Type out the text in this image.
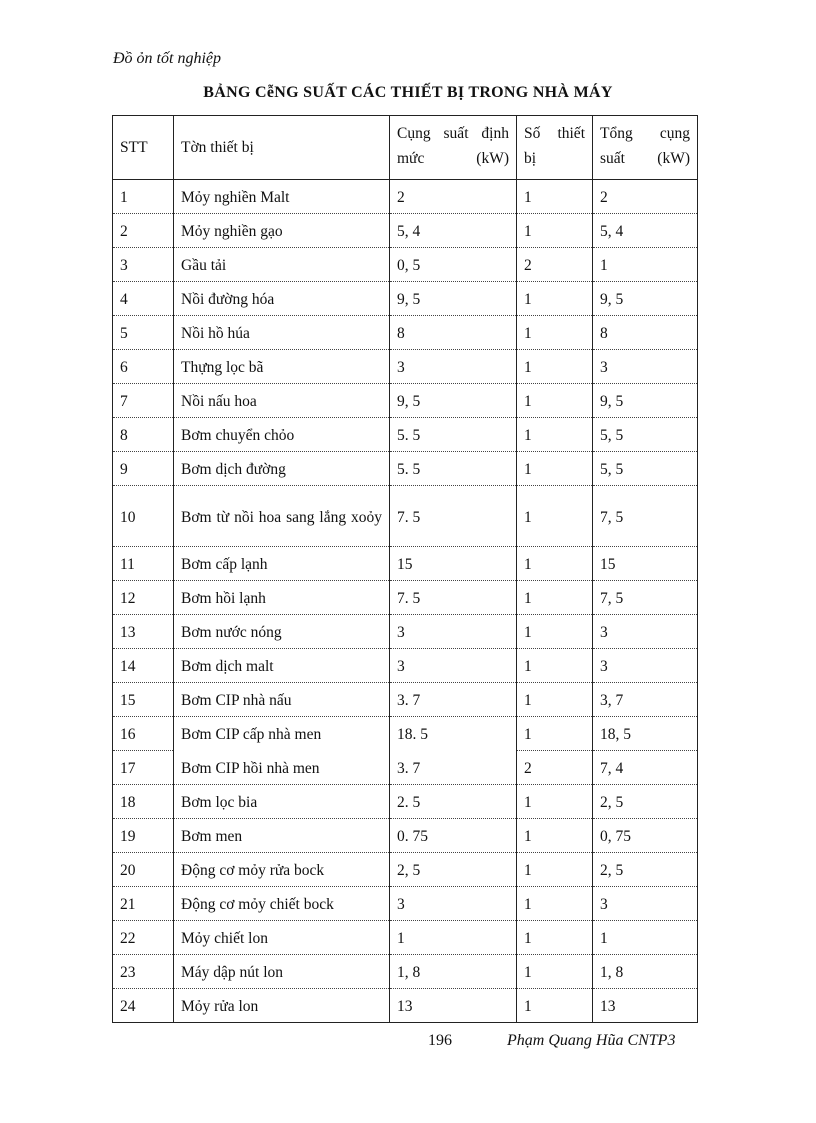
Đồ ỏn tốt nghiệp
BẢNG CễNG SUẤT CÁC THIẾT BỊ TRONG NHÀ MÁY
STT	Tờn thiết bị	Cụng suất định mức (kW)	Số thiết bị	Tổng cụng suất (kW)
1	Mỏy nghiền Malt	2	1	2
2	Mỏy nghiền gạo	5, 4	1	5, 4
3	Gầu tải	0, 5	2	1
4	Nồi đường hóa	9, 5	1	9, 5
5	Nồi hồ húa	8	1	8
6	Thựng lọc bã	3	1	3
7	Nồi nấu hoa	9, 5	1	9, 5
8	Bơm chuyển chỏo	5. 5	1	5, 5
9	Bơm dịch đường	5. 5	1	5, 5
10	Bơm từ nồi hoa sang lắng xoỏy	7. 5	1	7, 5
11	Bơm cấp lạnh	15	1	15
12	Bơm hồi lạnh	7. 5	1	7, 5
13	Bơm nước nóng	3	1	3
14	Bơm dịch malt	3	1	3
15	Bơm CIP nhà nấu	3. 7	1	3, 7
16	Bơm CIP cấp nhà men	18. 5	1	18, 5
17	Bơm CIP hồi nhà men	3. 7	2	7, 4
18	Bơm lọc bia	2. 5	1	2, 5
19	Bơm men	0. 75	1	0, 75
20	Động cơ mỏy rửa bock	2, 5	1	2, 5
21	Động cơ mỏy chiết bock	3	1	3
22	Mỏy chiết lon	1	1	1
23	Máy dập nút lon	1, 8	1	1, 8
24	Mỏy rửa lon	13	1	13
196	Phạm Quang Hũa CNTP3
